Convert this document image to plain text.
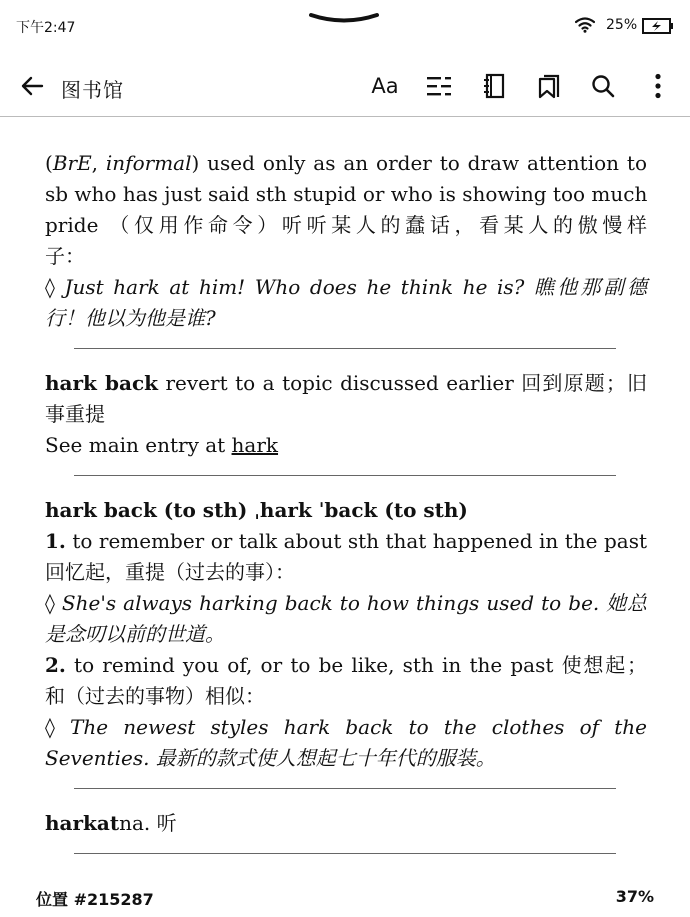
下午2:47	25%
图书馆	Aa
(BrE, informal) used only as an order to draw attention to
sb who has just said sth stupid or who is showing too much
pride （仅用作命令）听听某人的蠢话，看某人的傲慢样
子：
◊ Just hark at him! Who does he think he is? 瞧他那副德
行！他以为他是谁?
hark back revert to a topic discussed earlier 回到原题；旧
事重提
See main entry at hark
hark back (to sth) ˌhark ˈback (to sth)
1. to remember or talk about sth that happened in the past
回忆起，重提（过去的事）：
◊ She's always harking back to how things used to be. 她总
是念叨以前的世道。
2. to remind you of, or to be like, sth in the past 使想起；
和（过去的事物）相似：
◊ The newest styles hark back to the clothes of the
Seventies. 最新的款式使人想起七十年代的服装。
harkatna. 听
位置 #215287	37%
